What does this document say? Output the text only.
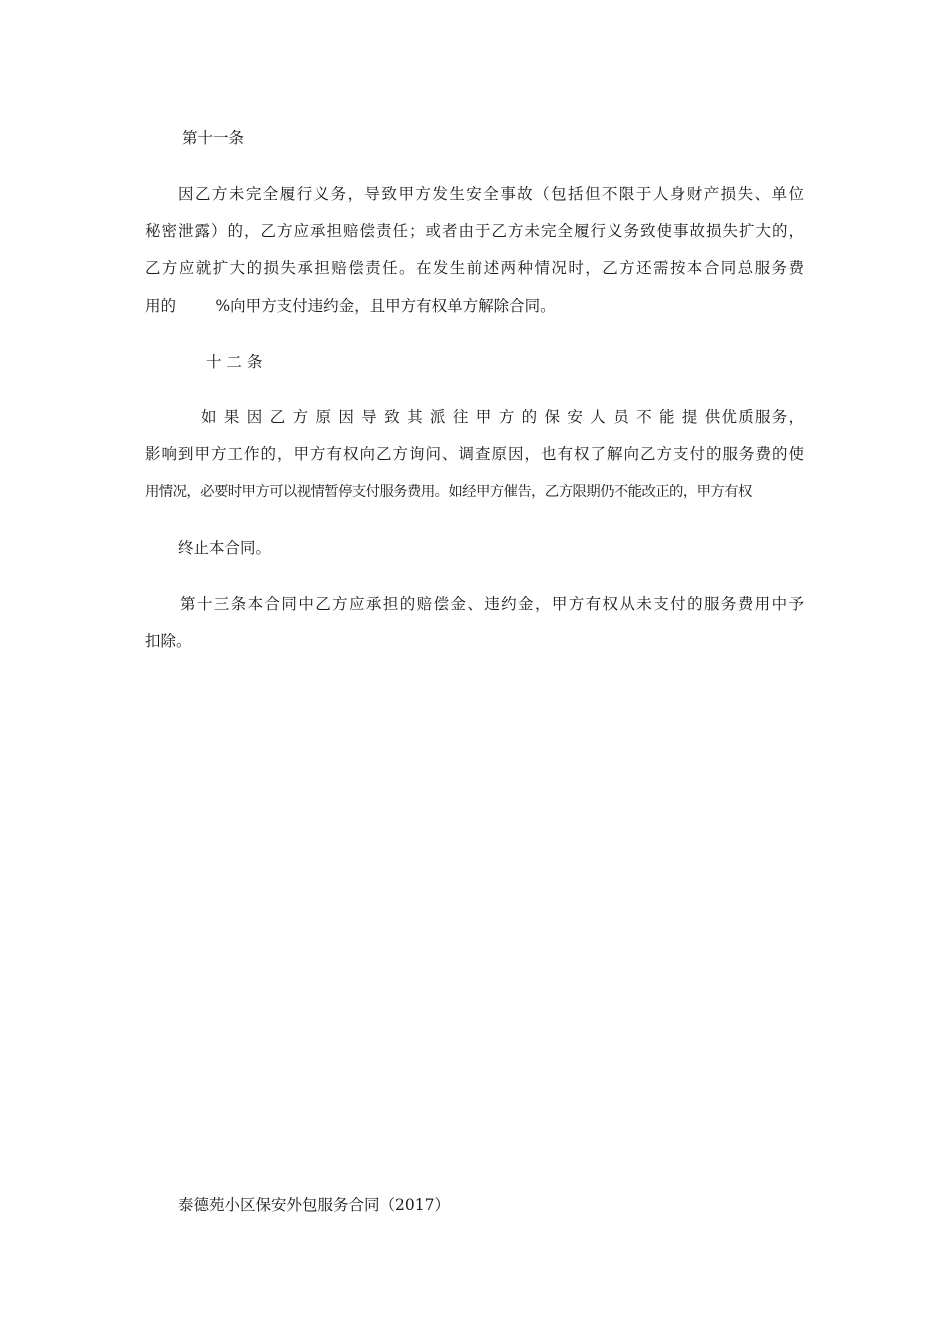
第十一条
因乙方未完全履行义务，导致甲方发生安全事故（包括但不限于人身财产损失、单位
秘密泄露）的，乙方应承担赔偿责任；或者由于乙方未完全履行义务致使事故损失扩大的，
乙方应就扩大的损失承担赔偿责任。在发生前述两种情况时，乙方还需按本合同总服务费
用的        %向甲方支付违约金，且甲方有权单方解除合同。
十 二 条
如 果 因 乙 方 原 因 导 致 其 派 往 甲 方 的 保 安 人 员 不 能 提 供优质服务，
影响到甲方工作的，甲方有权向乙方询问、调查原因，也有权了解向乙方支付的服务费的使
用情况，必要时甲方可以视情暂停支付服务费用。如经甲方催告，乙方限期仍不能改正的，甲方有权
终止本合同。
第十三条本合同中乙方应承担的赔偿金、违约金，甲方有权从未支付的服务费用中予
扣除。
泰德苑小区保安外包服务合同（2017）
